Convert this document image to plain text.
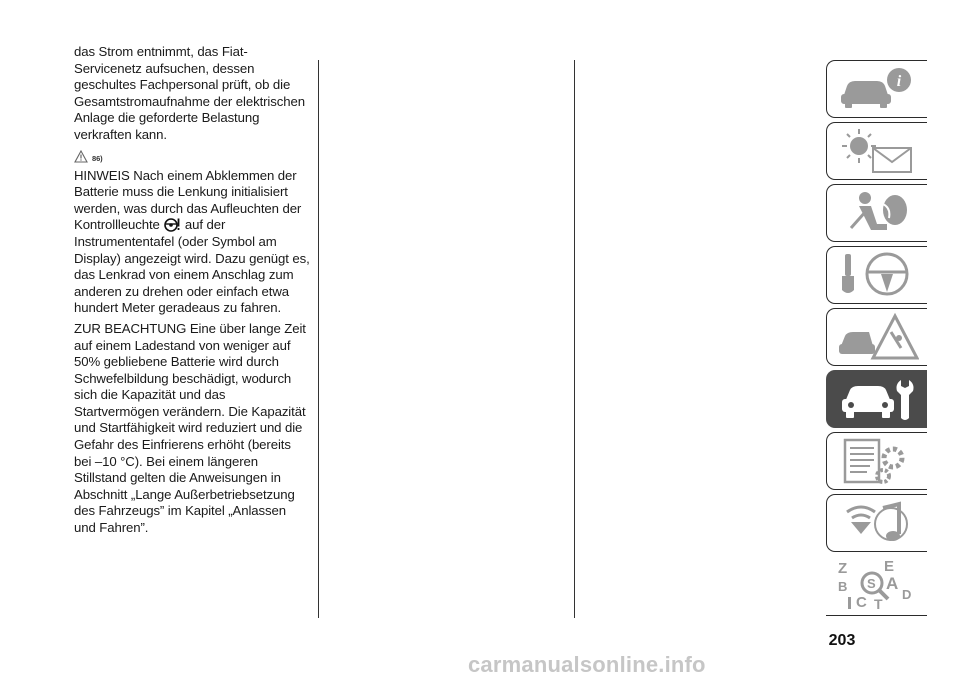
das Strom entnimmt, das Fiat-Servicenetz aufsuchen, dessen geschultes Fachpersonal prüft, ob die Gesamtstromaufnahme der elektrischen Anlage die geforderte Belastung verkraften kann.

86)

HINWEIS Nach einem Abklemmen der Batterie muss die Lenkung initialisiert werden, was durch das Aufleuchten der Kontrollleuchte auf der Instrumententafel (oder Symbol am Display) angezeigt wird. Dazu genügt es, das Lenkrad von einem Anschlag zum anderen zu drehen oder einfach etwa hundert Meter geradeaus zu fahren.

ZUR BEACHTUNG Eine über lange Zeit auf einem Ladestand von weniger auf 50% gebliebene Batterie wird durch Schwefelbildung beschädigt, wodurch sich die Kapazität und das Startvermögen verändern. Die Kapazität und Startfähigkeit wird reduziert und die Gefahr des Einfrierens erhöht (bereits bei –10 °C). Bei einem längeren Stillstand gelten die Anweisungen in Abschnitt „Lange Außerbetriebsetzung des Fahrzeugs” im Kapitel „Anlassen und Fahren”.

i
Z E
B A
C	D
T
S
203
carmanualsonline.info
